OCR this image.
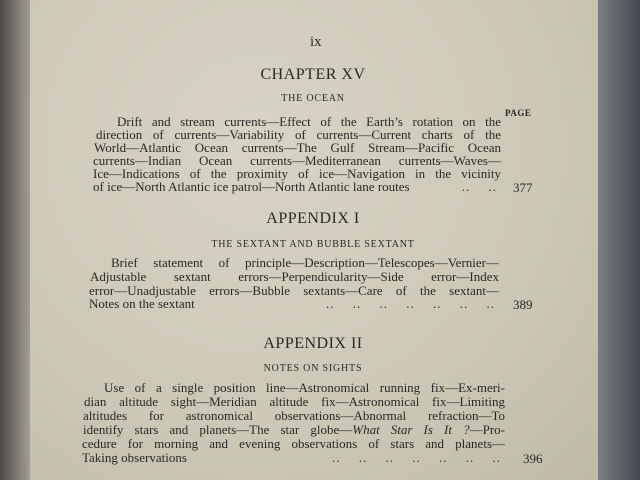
ix
CHAPTER XV
THE OCEAN
PAGE
Drift and stream currents—Effect of the Earth’s rotation on the
direction of currents—Variability of currents—Current charts of the
World—Atlantic Ocean currents—The Gulf Stream—Pacific Ocean
currents—Indian Ocean currents—Mediterranean currents—Waves—
Ice—Indications of the proximity of ice—Navigation in the vicinity
of ice—North Atlantic ice patrol—North Atlantic lane routes	.. ..	377
APPENDIX I
THE SEXTANT AND BUBBLE SEXTANT
Brief statement of principle—Description—Telescopes—Vernier—
Adjustable sextant errors—Perpendicularity—Side error—Index
error—Unadjustable errors—Bubble sextants—Care of the sextant—
Notes on the sextant	.. .. .. .. .. .. ..	389
APPENDIX II
NOTES ON SIGHTS
Use of a single position line—Astronomical running fix—Ex-meri-
dian altitude sight—Meridian altitude fix—Astronomical fix—Limiting
altitudes for astronomical observations—Abnormal refraction—To
identify stars and planets—The star globe—What Star Is It ?—Pro-
cedure for morning and evening observations of stars and planets—
Taking observations	.. .. .. .. .. .. ..	396
